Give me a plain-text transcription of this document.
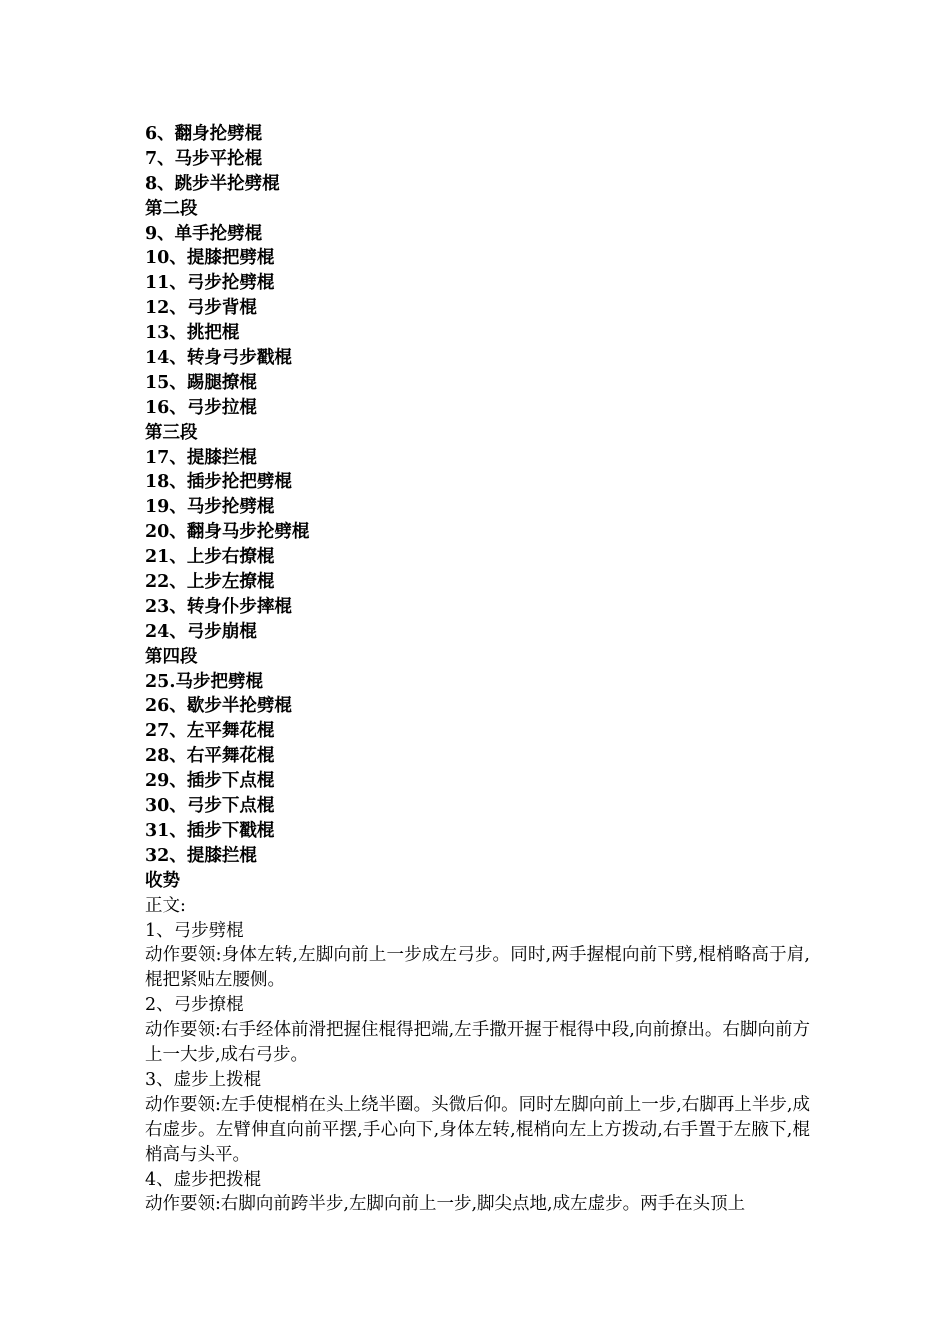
6、翻身抡劈棍
7、马步平抡棍
8、跳步半抡劈棍
第二段
9、单手抡劈棍
10、提膝把劈棍
11、弓步抡劈棍
12、弓步背棍
13、挑把棍
14、转身弓步戳棍
15、踢腿撩棍
16、弓步拉棍
第三段
17、提膝拦棍
18、插步抡把劈棍
19、马步抡劈棍
20、翻身马步抡劈棍
21、上步右撩棍
22、上步左撩棍
23、转身仆步摔棍
24、弓步崩棍
第四段
25.马步把劈棍
26、歇步半抡劈棍
27、左平舞花棍
28、右平舞花棍
29、插步下点棍
30、弓步下点棍
31、插步下戳棍
32、提膝拦棍
收势
正文:
1、弓步劈棍
动作要领:身体左转,左脚向前上一步成左弓步。同时,两手握棍向前下劈,棍梢略高于肩,棍把紧贴左腰侧。
2、弓步撩棍
动作要领:右手经体前滑把握住棍得把端,左手撒开握于棍得中段,向前撩出。右脚向前方上一大步,成右弓步。
3、虚步上拨棍
动作要领:左手使棍梢在头上绕半圈。头微后仰。同时左脚向前上一步,右脚再上半步,成右虚步。左臂伸直向前平摆,手心向下,身体左转,棍梢向左上方拨动,右手置于左腋下,棍梢高与头平。
4、虚步把拨棍
动作要领:右脚向前跨半步,左脚向前上一步,脚尖点地,成左虚步。两手在头顶上
